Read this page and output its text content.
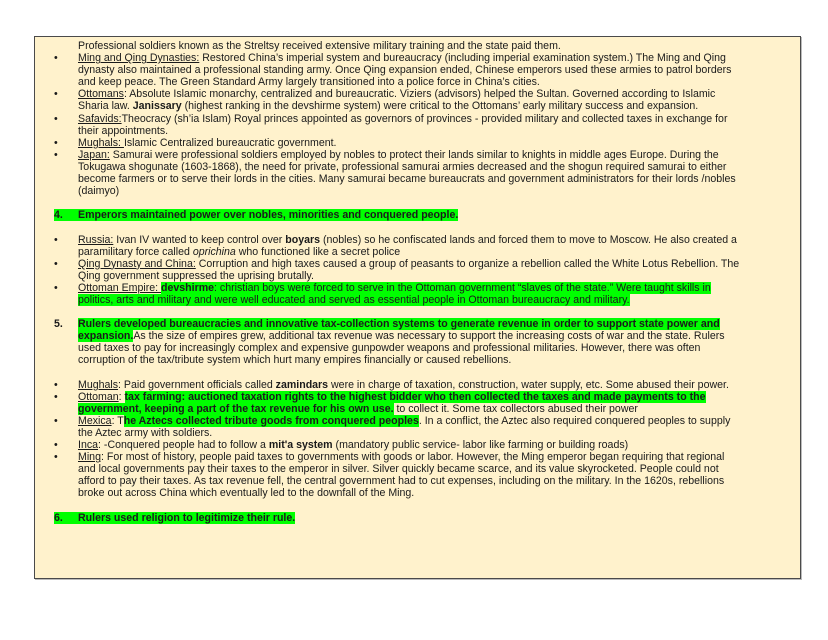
Professional soldiers known as the Streltsy received extensive military training and the state paid them.
• Ming and Qing Dynasties: Restored China’s imperial system and bureaucracy (including imperial examination system.) The Ming and Qing
dynasty also maintained a professional standing army. Once Qing expansion ended, Chinese emperors used these armies to patrol borders
and keep peace. The Green Standard Army largely transitioned into a police force in China’s cities.
• Ottomans: Absolute Islamic monarchy, centralized and bureaucratic. Viziers (advisors) helped the Sultan. Governed according to Islamic
Sharia law. Janissary (highest ranking in the devshirme system) were critical to the Ottomans’ early military success and expansion.
• Safavids:Theocracy (sh’ia Islam) Royal princes appointed as governors of provinces - provided military and collected taxes in exchange for
their appointments.
• Mughals: Islamic Centralized bureaucratic government.
• Japan: Samurai were professional soldiers employed by nobles to protect their lands similar to knights in middle ages Europe. During the
Tokugawa shogunate (1603-1868), the need for private, professional samurai armies decreased and the shogun required samurai to either
become farmers or to serve their lords in the cities. Many samurai became bureaucrats and government administrators for their lords /nobles
(daimyo)
4. Emperors maintained power over nobles, minorities and conquered people.
• Russia: Ivan IV wanted to keep control over boyars (nobles) so he confiscated lands and forced them to move to Moscow. He also created a
paramilitary force called oprichina who functioned like a secret police
• Qing Dynasty and China: Corruption and high taxes caused a group of peasants to organize a rebellion called the White Lotus Rebellion. The
Qing government suppressed the uprising brutally.
• Ottoman Empire: devshirme: christian boys were forced to serve in the Ottoman government “slaves of the state.” Were taught skills in
politics, arts and military and were well educated and served as essential people in Ottoman bureaucracy and military.
5. Rulers developed bureaucracies and innovative tax-collection systems to generate revenue in order to support state power and
expansion.As the size of empires grew, additional tax revenue was necessary to support the increasing costs of war and the state. Rulers
used taxes to pay for increasingly complex and expensive gunpowder weapons and professional militaries. However, there was often
corruption of the tax/tribute system which hurt many empires financially or caused rebellions.
• Mughals: Paid government officials called zamindars were in charge of taxation, construction, water supply, etc. Some abused their power.
• Ottoman: tax farming: auctioned taxation rights to the highest bidder who then collected the taxes and made payments to the
government, keeping a part of the tax revenue for his own use. to collect it. Some tax collectors abused their power
• Mexica: The Aztecs collected tribute goods from conquered peoples. In a conflict, the Aztec also required conquered peoples to supply
the Aztec army with soldiers.
• Inca: -Conquered people had to follow a mit'a system (mandatory public service- labor like farming or building roads)
• Ming: For most of history, people paid taxes to governments with goods or labor. However, the Ming emperor began requiring that regional
and local governments pay their taxes to the emperor in silver. Silver quickly became scarce, and its value skyrocketed. People could not
afford to pay their taxes. As tax revenue fell, the central government had to cut expenses, including on the military. In the 1620s, rebellions
broke out across China which eventually led to the downfall of the Ming.
6. Rulers used religion to legitimize their rule.
